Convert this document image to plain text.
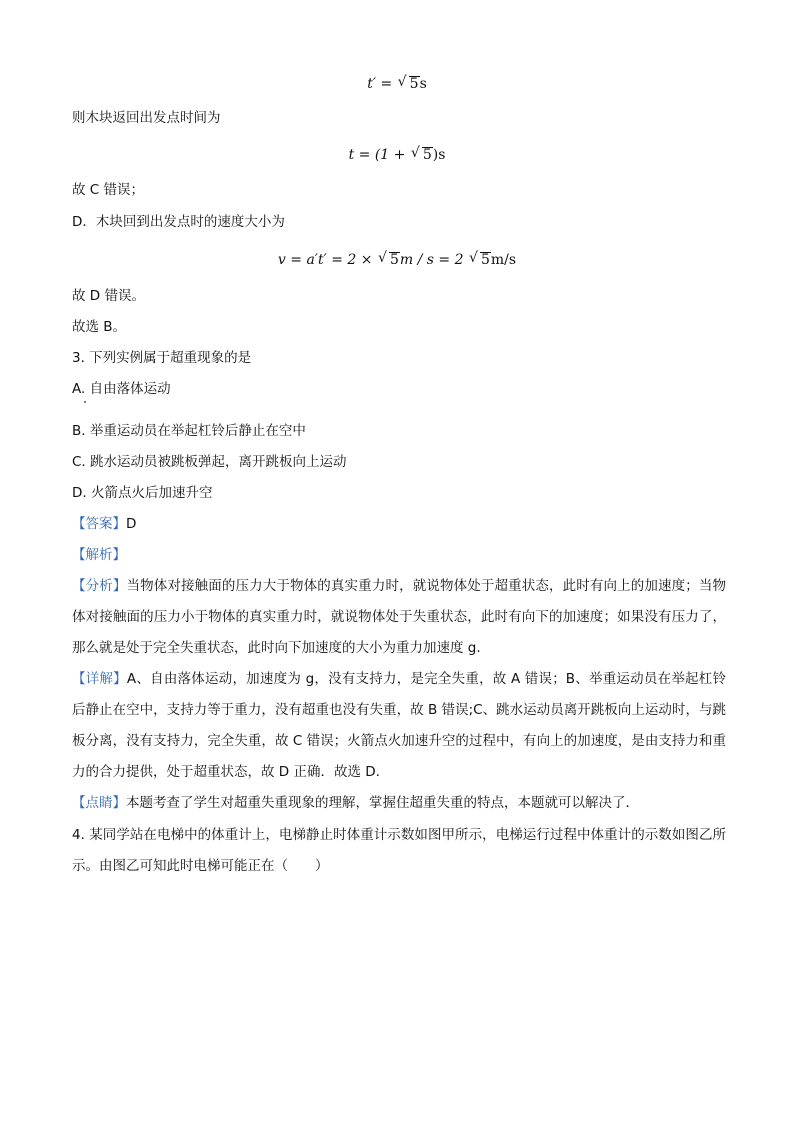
t′ = √ 5s
则木块返回出发点时间为
t = (1 + √ 5)s
故 C 错误；
D．木块回到出发点时的速度大小为
v = a′t′ = 2 × √ 5m / s = 2 √ 5m/s
故 D 错误。
故选 B。
3. 下列实例属于超重现象的是
A. 自由落体运动
B. 举重运动员在举起杠铃后静止在空中
C. 跳水运动员被跳板弹起，离开跳板向上运动
D. 火箭点火后加速升空
【答案】D
【解析】
【分析】当物体对接触面的压力大于物体的真实重力时，就说物体处于超重状态，此时有向上的加速度；当物体对接触面的压力小于物体的真实重力时，就说物体处于失重状态，此时有向下的加速度；如果没有压力了，那么就是处于完全失重状态，此时向下加速度的大小为重力加速度 g.
【详解】A、自由落体运动，加速度为 g，没有支持力，是完全失重，故 A 错误；B、举重运动员在举起杠铃后静止在空中，支持力等于重力，没有超重也没有失重，故 B 错误;C、跳水运动员离开跳板向上运动时，与跳板分离，没有支持力，完全失重，故 C 错误；火箭点火加速升空的过程中，有向上的加速度，是由支持力和重力的合力提供，处于超重状态，故 D 正确．故选 D.
【点睛】本题考查了学生对超重失重现象的理解，掌握住超重失重的特点，本题就可以解决了．
4. 某同学站在电梯中的体重计上，电梯静止时体重计示数如图甲所示，电梯运行过程中体重计的示数如图乙所示。由图乙可知此时电梯可能正在（　　）
